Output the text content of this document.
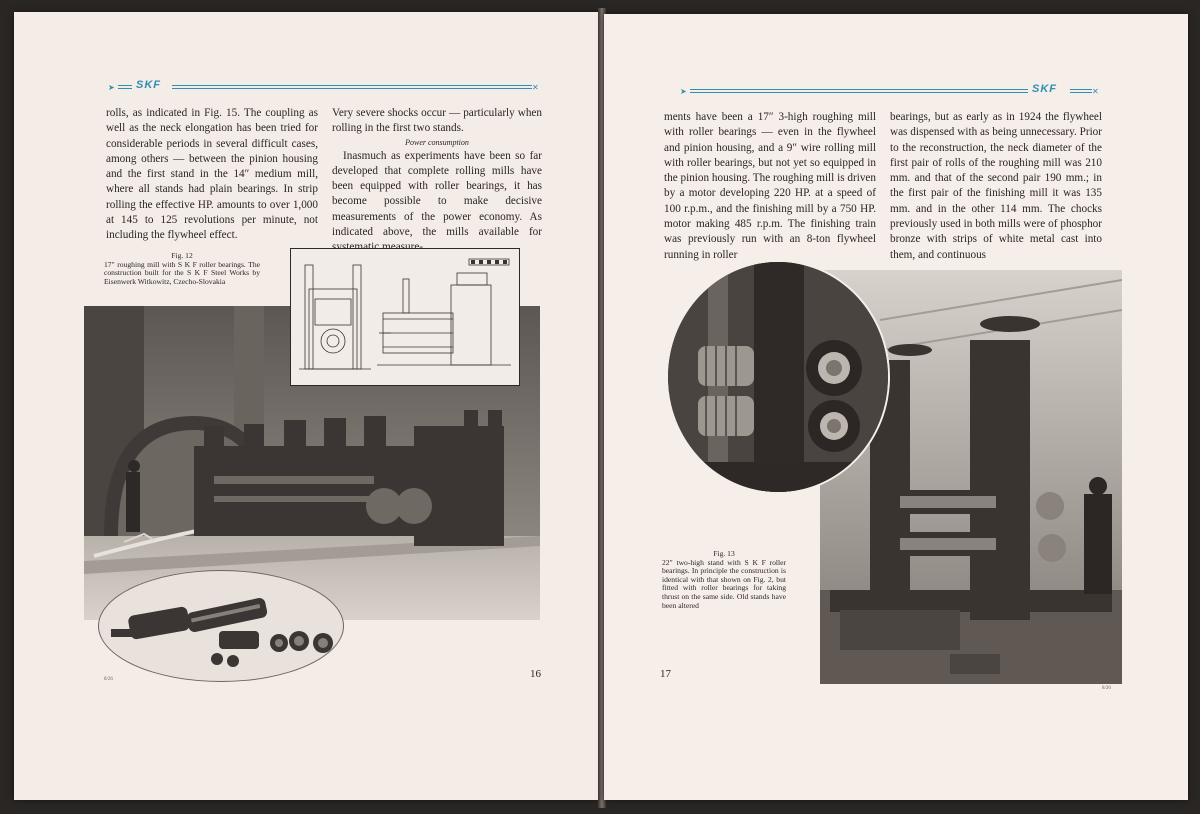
➤ SKF	✕

rolls, as indicated in Fig. 15. The coupling as well as the neck elongation has been tried for considerable periods in several difficult cases, among others — between the pinion housing and the first stand in the 14″ medium mill, where all stands had plain bearings. In strip rolling the effective HP. amounts to over 1,000 at 145 to 125 revolutions per minute, not including the flywheel effect.

Very severe shocks occur — particularly when rolling in the first two stands.

Power consumption

Inasmuch as experiments have been so far developed that complete rolling mills have been equipped with roller bearings, it has become possible to make decisive measurements of the power economy. As indicated above, the mills available for

Fig. 12
17″ roughing mill with S K F roller bearings. The construction built for the S K F Steel Works by Eisenwerk Witkowitz, Czecho-Slovakia
8/26	16
➤	SKF	✕

ments have been a 17″ 3-high roughing mill with roller bearings — even in the flywheel and pinion housing, and a 9″ wire rolling mill with roller bearings, but not yet so equipped in the pinion housing. The roughing mill is driven by a motor developing 220 HP. at a speed of 100 r.p.m., and the finishing mill by a 750 HP. motor making 485 r.p.m. The finishing train was previously run with an 8-ton flywheel running in roller

bearings, but as early as in 1924 the flywheel was dispensed with as being unnecessary. Prior to the reconstruction, the neck diameter of the first pair of rolls of the roughing mill was 210 mm. and that of the second pair 190 mm.; in the first pair of the finishing mill it was 135 mm. and in the other 114 mm. The chocks previously used in both mills were of phosphor bronze with strips of white metal cast into them, and continuous

Fig. 13
22″ two-high stand with S K F roller bearings. In principle the construction is identical with that shown on Fig. 2, but fitted with roller bearings for taking thrust on the same side. Old stands have been altered
17
8/26
